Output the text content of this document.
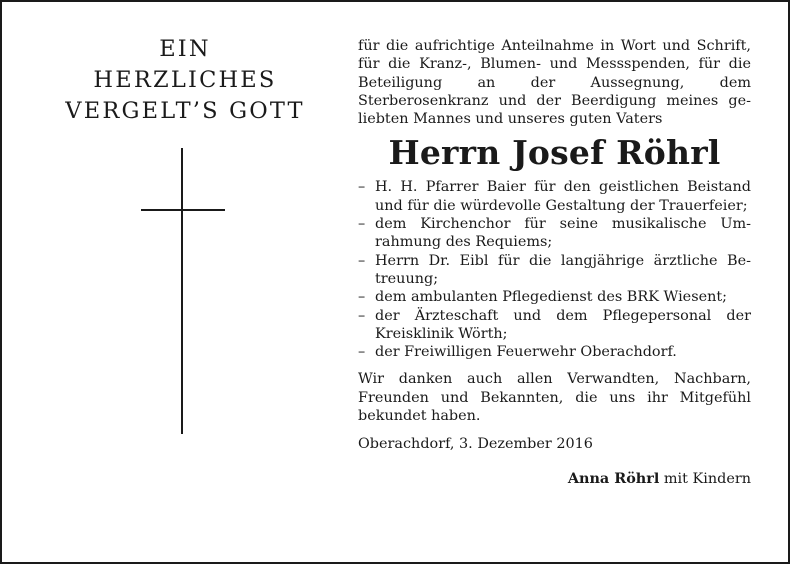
EIN

HERZLICHES

VERGELT’S GOTT

für die aufrichtige Anteilnahme in Wort und Schrift, für die Kranz-, Blumen- und Messspenden, für die Beteiligung an der Aussegnung, dem Sterberosenkranz und der Beerdigung meines geliebten Mannes und unseres guten Vaters

Herrn Josef Röhrl

– H. H. Pfarrer Baier für den geistlichen Beistand und für die würdevolle Gestaltung der Trauerfeier;
– dem Kirchenchor für seine musikalische Umrahmung des Requiems;
– Herrn Dr. Eibl für die langjährige ärztliche Betreuung;
– dem ambulanten Pflegedienst des BRK Wiesent;
– der Ärzteschaft und dem Pflegepersonal der Kreisklinik Wörth;
– der Freiwilligen Feuerwehr Oberachdorf.

Wir danken auch allen Verwandten, Nachbarn, Freunden und Bekannten, die uns ihr Mitgefühl bekundet haben.

Oberachdorf, 3. Dezember 2016

Anna Röhrl mit Kindern
